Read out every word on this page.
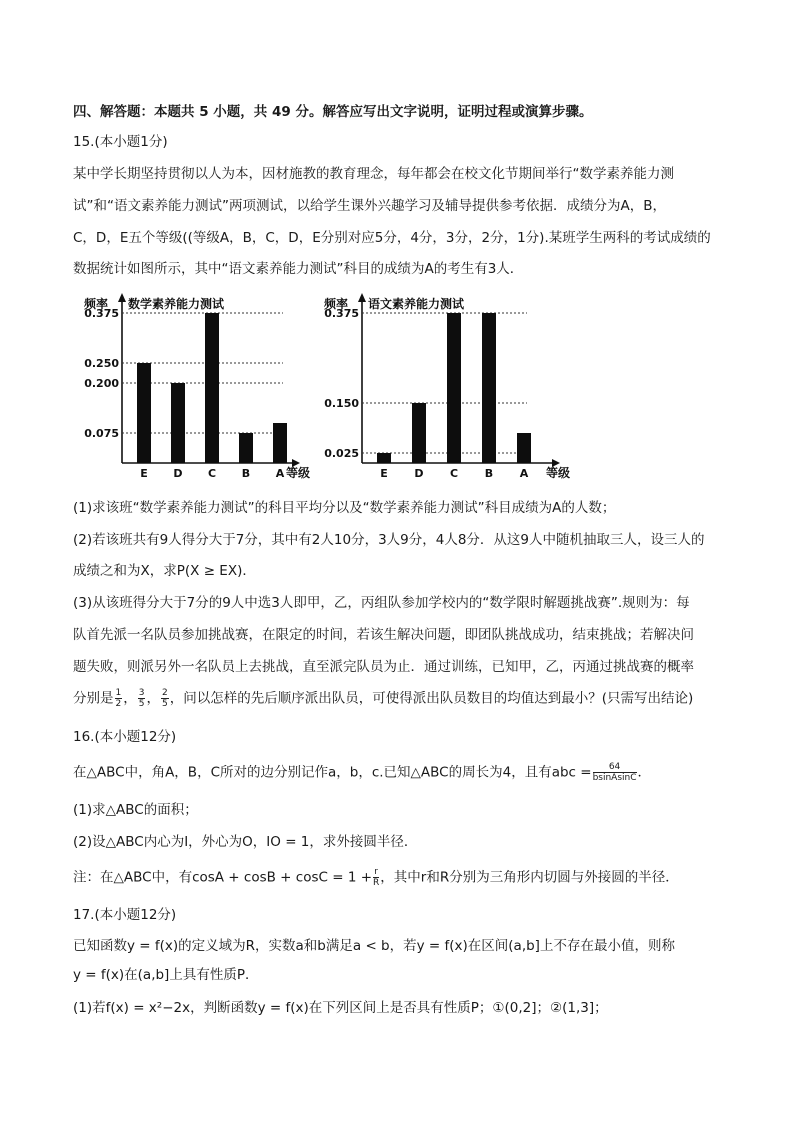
四、解答题：本题共 5 小题，共 49 分。解答应写出文字说明，证明过程或演算步骤。
15.(本小题1分)
某中学长期坚持贯彻以人为本，因材施教的教育理念，每年都会在校文化节期间举行“数学素养能力测
试”和“语文素养能力测试”两项测试，以给学生课外兴趣学习及辅导提供参考依据．成绩分为A，B，
C，D，E五个等级((等级A，B，C，D，E分别对应5分，4分，3分，2分，1分).某班学生两科的考试成绩的
数据统计如图所示，其中“语文素养能力测试”科目的成绩为A的考生有3人．
频率 数学素养能力测试
等级
0.375
0.250
0.200
0.075
E D C B A
频率 语文素养能力测试
等级
0.375
0.150
0.025
E D C B A
(1)求该班“数学素养能力测试”的科目平均分以及“数学素养能力测试”科目成绩为A的人数；
(2)若该班共有9人得分大于7分，其中有2人10分，3人9分，4人8分．从这9人中随机抽取三人，设三人的
成绩之和为X，求P(X ≥ EX)．
(3)从该班得分大于7分的9人中选3人即甲，乙，丙组队参加学校内的“数学限时解题挑战赛”.规则为：每
队首先派一名队员参加挑战赛，在限定的时间，若该生解决问题，即团队挑战成功，结束挑战；若解决问
题失败，则派另外一名队员上去挑战，直至派完队员为止．通过训练，已知甲，乙，丙通过挑战赛的概率
分别是 $\frac{1}{2}$ ， $\frac{3}{5}$ ， $\frac{2}{5}$ ，问以怎样的先后顺序派出队员，可使得派出队员数目的均值达到最小？(只需写出结论)
16.(本小题12分)
在△ABC中，角A，B，C所对的边分别记作a，b，c.已知△ABC的周长为4，且有abc = $\frac{64}{\text{bsinAsinC}}$ ．
(1)求△ABC的面积；
(2)设△ABC内心为I，外心为O，IO = 1，求外接圆半径．
注：在△ABC中，有$\cos A + \cos B + \cos C = 1 + \frac{r}{R}$ ，其中r和R分别为三角形内切圆与外接圆的半径．
17.(本小题12分)
已知函数y = f(x)的定义域为R，实数a和b满足a < b，若y = f(x)在区间(a,b]上不存在最小值，则称
y = f(x)在(a,b]上具有性质P．
(1)若f(x) = x²−2x，判断函数y = f(x)在下列区间上是否具有性质P；①(0,2]；②(1,3]；
